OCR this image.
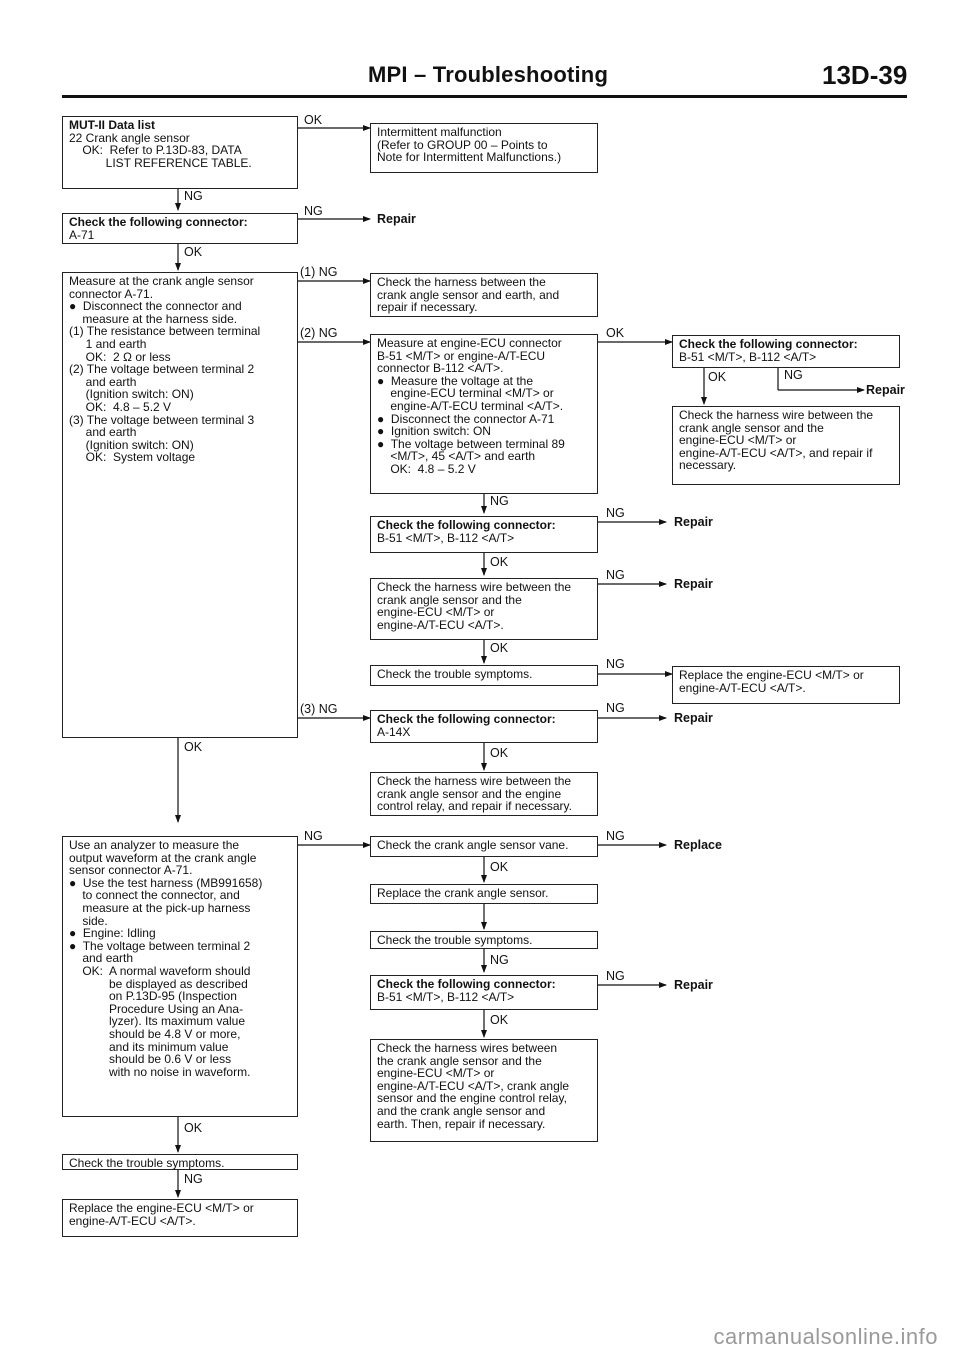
MPI – Troubleshooting	13D-39
MUT-II Data list
22 Crank angle sensor
OK:  Refer to P.13D-83, DATA
LIST REFERENCE TABLE.
Intermittent malfunction
(Refer to GROUP 00 – Points to
Note for Intermittent Malfunctions.)
Check the following connector:
A-71
Measure at the crank angle sensor
connector A-71.
●  Disconnect the connector and
measure at the harness side.
(1) The resistance between terminal
1 and earth
OK:  2 Ω or less
(2) The voltage between terminal 2
and earth
(Ignition switch: ON)
OK:  4.8 – 5.2 V
(3) The voltage between terminal 3
and earth
(Ignition switch: ON)
OK:  System voltage
Check the harness between the
crank angle sensor and earth, and
repair if necessary.
Measure at engine-ECU connector
B-51 <M/T> or engine-A/T-ECU
connector B-112 <A/T>.
●  Measure the voltage at the
engine-ECU terminal <M/T> or
engine-A/T-ECU terminal <A/T>.
●  Disconnect the connector A-71
●  Ignition switch: ON
●  The voltage between terminal 89
<M/T>, 45 <A/T> and earth
OK:  4.8 – 5.2 V
Check the following connector:
B-51 <M/T>, B-112 <A/T>
Check the harness wire between the
crank angle sensor and the
engine-ECU <M/T> or
engine-A/T-ECU <A/T>, and repair if
necessary.
Check the following connector:
B-51 <M/T>, B-112 <A/T>
Check the harness wire between the
crank angle sensor and the
engine-ECU <M/T> or
engine-A/T-ECU <A/T>.
Check the trouble symptoms.	Replace the engine-ECU <M/T> or
engine-A/T-ECU <A/T>.
Check the following connector:
A-14X
Check the harness wire between the
crank angle sensor and the engine
control relay, and repair if necessary.
Use an analyzer to measure the
output waveform at the crank angle
sensor connector A-71.
●  Use the test harness (MB991658)
to connect the connector, and
measure at the pick-up harness
side.
●  Engine: Idling
●  The voltage between terminal 2
and earth
OK:  A normal waveform should
be displayed as described
on P.13D-95 (Inspection
Procedure Using an Ana-
lyzer). Its maximum value
should be 4.8 V or more,
and its minimum value
should be 0.6 V or less
with no noise in waveform.
Check the crank angle sensor vane.
Replace the crank angle sensor.
Check the trouble symptoms.
Check the following connector:
B-51 <M/T>, B-112 <A/T>
Check the harness wires between
the crank angle sensor and the
engine-ECU <M/T> or
engine-A/T-ECU <A/T>, crank angle
sensor and the engine control relay,
and the crank angle sensor and
earth. Then, repair if necessary.
Check the trouble symptoms.
Replace the engine-ECU <M/T> or
engine-A/T-ECU <A/T>.
OK
NG
NG
OK
(1) NG
(2) NG	OK
OK	NG
NG
NG
OK
NG
OK
NG
(3) NG	NG
OK	OK
NG	NG
OK
NG
NG
OK
OK
NG
Repair
Repair
Repair
Repair
Repair
Replace
Repair
carmanualsonline.info
